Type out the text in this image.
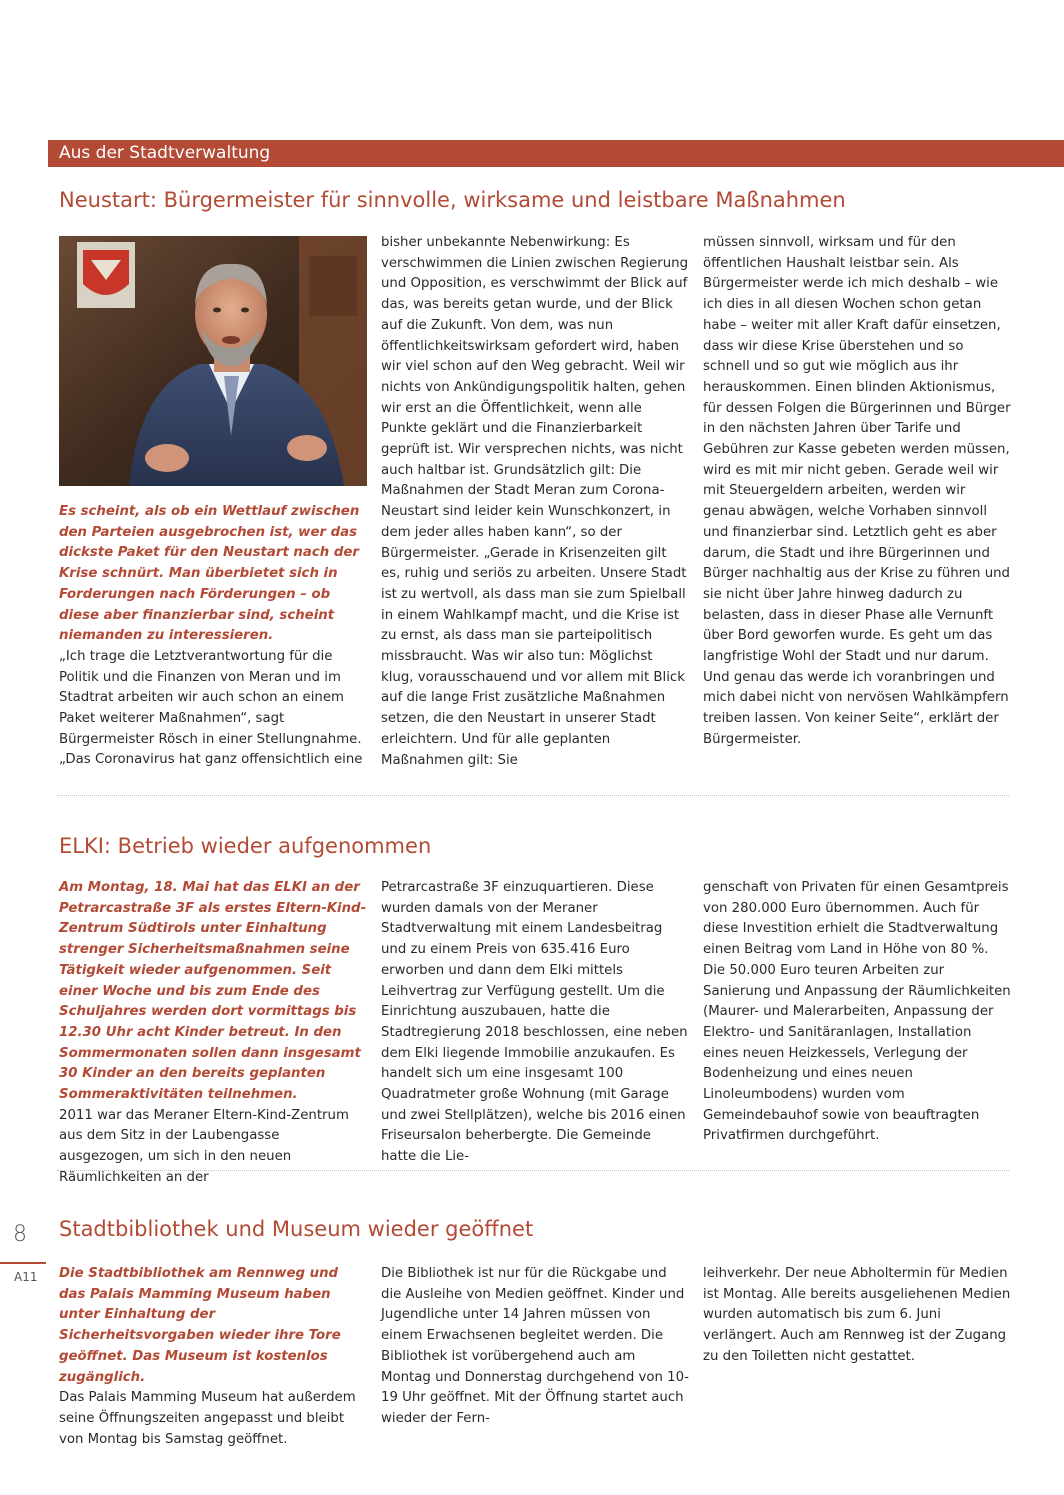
Aus der Stadtverwaltung
Neustart: Bürgermeister für sinnvolle, wirksame und leistbare Maßnahmen
Es scheint, als ob ein Wettlauf zwischen den Parteien ausgebrochen ist, wer das dickste Paket für den Neustart nach der Krise schnürt. Man überbietet sich in Forderungen nach Förderungen – ob diese aber finanzierbar sind, scheint niemanden zu interessieren.

„Ich trage die Letztverantwortung für die Politik und die Finanzen von Meran und im Stadtrat arbeiten wir auch schon an einem Paket weiterer Maßnahmen“, sagt Bürgermeister Rösch in einer Stellungnahme. „Das Coronavirus hat ganz offensichtlich eine

bisher unbekannte Nebenwirkung: Es verschwimmen die Linien zwischen Regierung und Opposition, es verschwimmt der Blick auf das, was bereits getan wurde, und der Blick auf die Zukunft. Von dem, was nun öffentlichkeitswirksam gefordert wird, haben wir viel schon auf den Weg gebracht. Weil wir nichts von Ankündigungspolitik halten, gehen wir erst an die Öffentlichkeit, wenn alle Punkte geklärt und die Finanzierbarkeit geprüft ist. Wir versprechen nichts, was nicht auch haltbar ist. Grundsätzlich gilt: Die Maßnahmen der Stadt Meran zum Corona-Neustart sind leider kein Wunschkonzert, in dem jeder alles haben kann“, so der Bürgermeister. „Gerade in Krisenzeiten gilt es, ruhig und seriös zu arbeiten. Unsere Stadt ist zu wertvoll, als dass man sie zum Spielball in einem Wahlkampf macht, und die Krise ist zu ernst, als dass man sie parteipolitisch missbraucht. Was wir also tun: Möglichst klug, vorausschauend und vor allem mit Blick auf die lange Frist zusätzliche Maßnahmen setzen, die den Neustart in unserer Stadt erleichtern. Und für alle geplanten Maßnahmen gilt: Sie

müssen sinnvoll, wirksam und für den öffentlichen Haushalt leistbar sein. Als Bürgermeister werde ich mich deshalb – wie ich dies in all diesen Wochen schon getan habe – weiter mit aller Kraft dafür einsetzen, dass wir diese Krise überstehen und so schnell und so gut wie möglich aus ihr herauskommen. Einen blinden Aktionismus, für dessen Folgen die Bürgerinnen und Bürger in den nächsten Jahren über Tarife und Gebühren zur Kasse gebeten werden müssen, wird es mit mir nicht geben. Gerade weil wir mit Steuergeldern arbeiten, werden wir genau abwägen, welche Vorhaben sinnvoll und finanzierbar sind. Letztlich geht es aber darum, die Stadt und ihre Bürgerinnen und Bürger nachhaltig aus der Krise zu führen und sie nicht über Jahre hinweg dadurch zu belasten, dass in dieser Phase alle Vernunft über Bord geworfen wurde. Es geht um das langfristige Wohl der Stadt und nur darum. Und genau das werde ich voranbringen und mich dabei nicht von nervösen Wahlkämpfern treiben lassen. Von keiner Seite“, erklärt der Bürgermeister.

ELKI: Betrieb wieder aufgenommen
Am Montag, 18. Mai hat das ELKI an der Petrarcastraße 3F als erstes Eltern-Kind-Zentrum Südtirols unter Einhaltung strenger Sicherheitsmaßnahmen seine Tätigkeit wieder aufgenommen. Seit einer Woche und bis zum Ende des Schuljahres werden dort vormittags bis 12.30 Uhr acht Kinder betreut. In den Sommermonaten sollen dann insgesamt 30 Kinder an den bereits geplanten Sommeraktivitäten teilnehmen.

2011 war das Meraner Eltern-Kind-Zentrum aus dem Sitz in der Laubengasse ausgezogen, um sich in den neuen Räumlichkeiten an der

Petrarcastraße 3F einzuquartieren. Diese wurden damals von der Meraner Stadtverwaltung mit einem Landesbeitrag und zu einem Preis von 635.416 Euro erworben und dann dem Elki mittels Leihvertrag zur Verfügung gestellt. Um die Einrichtung auszubauen, hatte die Stadtregierung 2018 beschlossen, eine neben dem Elki liegende Immobilie anzukaufen. Es handelt sich um eine insgesamt 100 Quadratmeter große Wohnung (mit Garage und zwei Stellplätzen), welche bis 2016 einen Friseursalon beherbergte. Die Gemeinde hatte die Lie-

genschaft von Privaten für einen Gesamtpreis von 280.000 Euro übernommen. Auch für diese Investition erhielt die Stadtverwaltung einen Beitrag vom Land in Höhe von 80 %. Die 50.000 Euro teuren Arbeiten zur Sanierung und Anpassung der Räumlichkeiten (Maurer- und Malerarbeiten, Anpassung der Elektro- und Sanitäranlagen, Installation eines neuen Heizkessels, Verlegung der Bodenheizung und eines neuen Linoleumbodens) wurden vom Gemeindebauhof sowie von beauftragten Privatfirmen durchgeführt.

Stadtbibliothek und Museum wieder geöffnet
Die Stadtbibliothek am Rennweg und das Palais Mamming Museum haben unter Einhaltung der Sicherheitsvorgaben wieder ihre Tore geöffnet. Das Museum ist kostenlos zugänglich.

Das Palais Mamming Museum hat außerdem seine Öffnungszeiten angepasst und bleibt von Montag bis Samstag geöffnet.

Die Bibliothek ist nur für die Rückgabe und die Ausleihe von Medien geöffnet. Kinder und Jugendliche unter 14 Jahren müssen von einem Erwachsenen begleitet werden. Die Bibliothek ist vorübergehend auch am Montag und Donnerstag durchgehend von 10-19 Uhr geöffnet. Mit der Öffnung startet auch wieder der Fern-

leihverkehr. Der neue Abholtermin für Medien ist Montag. Alle bereits ausgeliehenen Medien wurden automatisch bis zum 6. Juni verlängert. Auch am Rennweg ist der Zugang zu den Toiletten nicht gestattet.

8
A11
